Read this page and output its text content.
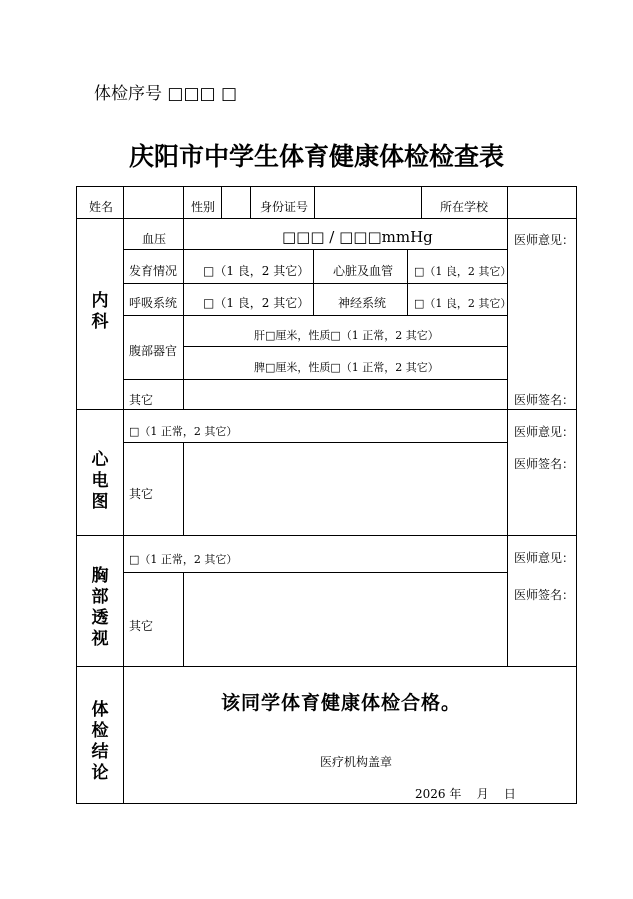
体检序号 □□□ □
庆阳市中学生体育健康体检检查表
姓名	性别	身份证号	所在学校
内科
血压	□□□ / □□□mmHg
发育情况 □（1 良，2 其它） 心脏及血管 □（1 良，2 其它）
呼吸系统 □（1 良，2 其它） 神经系统	□（1 良，2 其它）
腹部器官
肝□厘米，性质□（1 正常，2 其它）
脾□厘米，性质□（1 正常，2 其它）
其它
医师意见：
医师签名：
心电图
□（1 正常，2 其它）
其它
医师意见：
医师签名：
胸部透视
□（1 正常，2 其它）
其它
医师意见：
医师签名：
体检结论
该同学体育健康体检合格。
医疗机构盖章
2026 年    月    日
